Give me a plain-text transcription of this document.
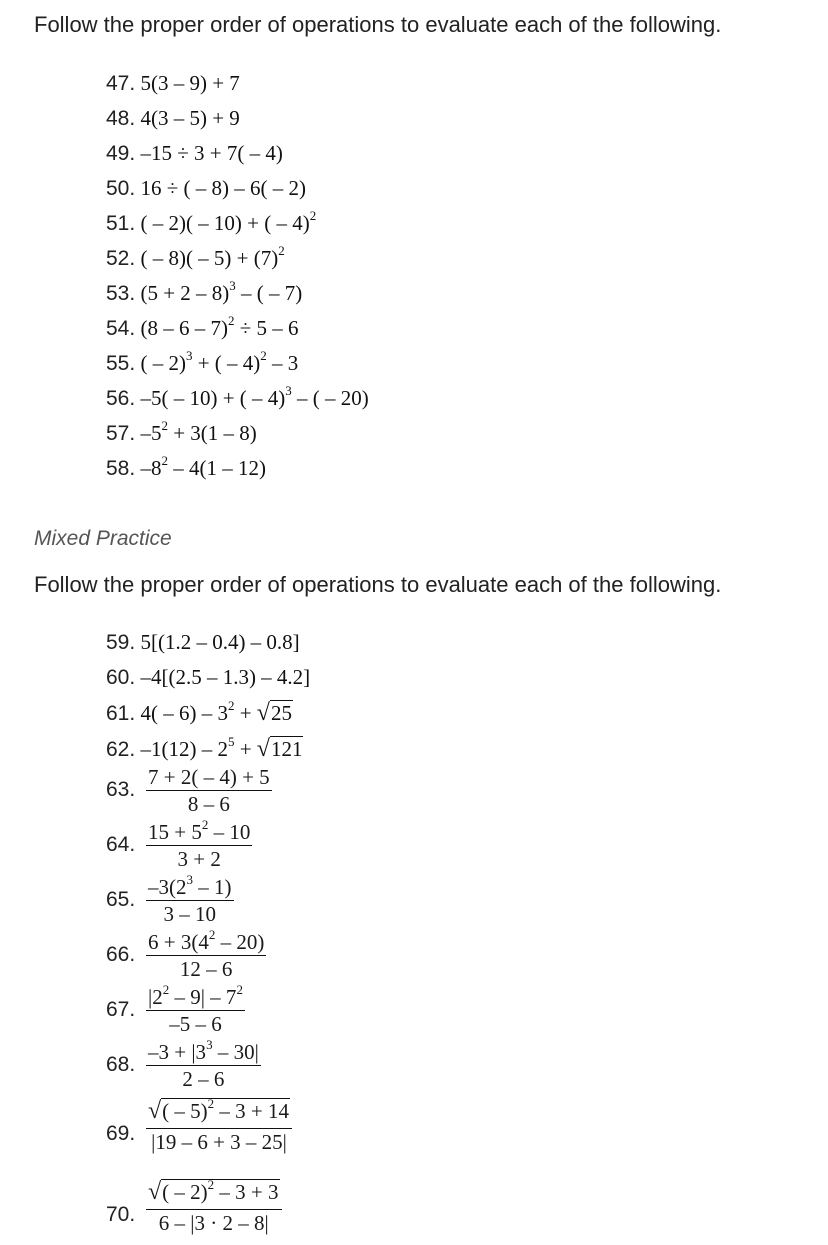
Follow the proper order of operations to evaluate each of the following.
47. 5(3 – 9) + 7
48. 4(3 – 5) + 9
49. –15 ÷ 3 + 7( – 4)
50. 16 ÷ ( – 8) – 6( – 2)
51. ( – 2)( – 10) + ( – 4)$^2$
52. ( – $8)( - 5) + (7)^2$
53. $(5 + 2 - 8)^3$ – ( – 7)
54. (8 – 6 – 7)$^2$ ÷ 5 – 6
55. ( – 2)$^3$ + ( – 4)$^2$ – 3
56. –5( – 10) + ( – 4)$^3$ – ( – 20)
57. $-5^2 + 3(1 - 8)$
58. $-8^2 - 4(1 - 12)$
Mixed Practice
Follow the proper order of operations to evaluate each of the following.
59. 5[(1.2 – 0.4) – 0.8]
60. –4[(2.5 – 1.3) – 4.2]
61. $4( - 6) - 3^2 + √25$
62. $-1(12) - 2^5 + √121$
63. $\frac{7 + 2( - 4) + 5}{8 - 6}$
64. $\frac{15 + 5^2 - 10}{3 + 2}$
65. $\frac{-3(2^3 - 1)}{3 - 10}$
66. $\frac{6 + 3(4^2 - 20)}{12 - 6}$
67. $\frac{|2^2 - 9| - 7^2}{-5 - 6}$
68. $\frac{-3 + |3^3 - 30|}{2 - 6}$
69. $\frac{√( - 5)^2 - 3 + 14}{|19 - 6 + 3 - 25|}$
70. $\frac{√( - 2)^2 - 3 + 3}{6 - |3 \cdot 2 - 8|}$
